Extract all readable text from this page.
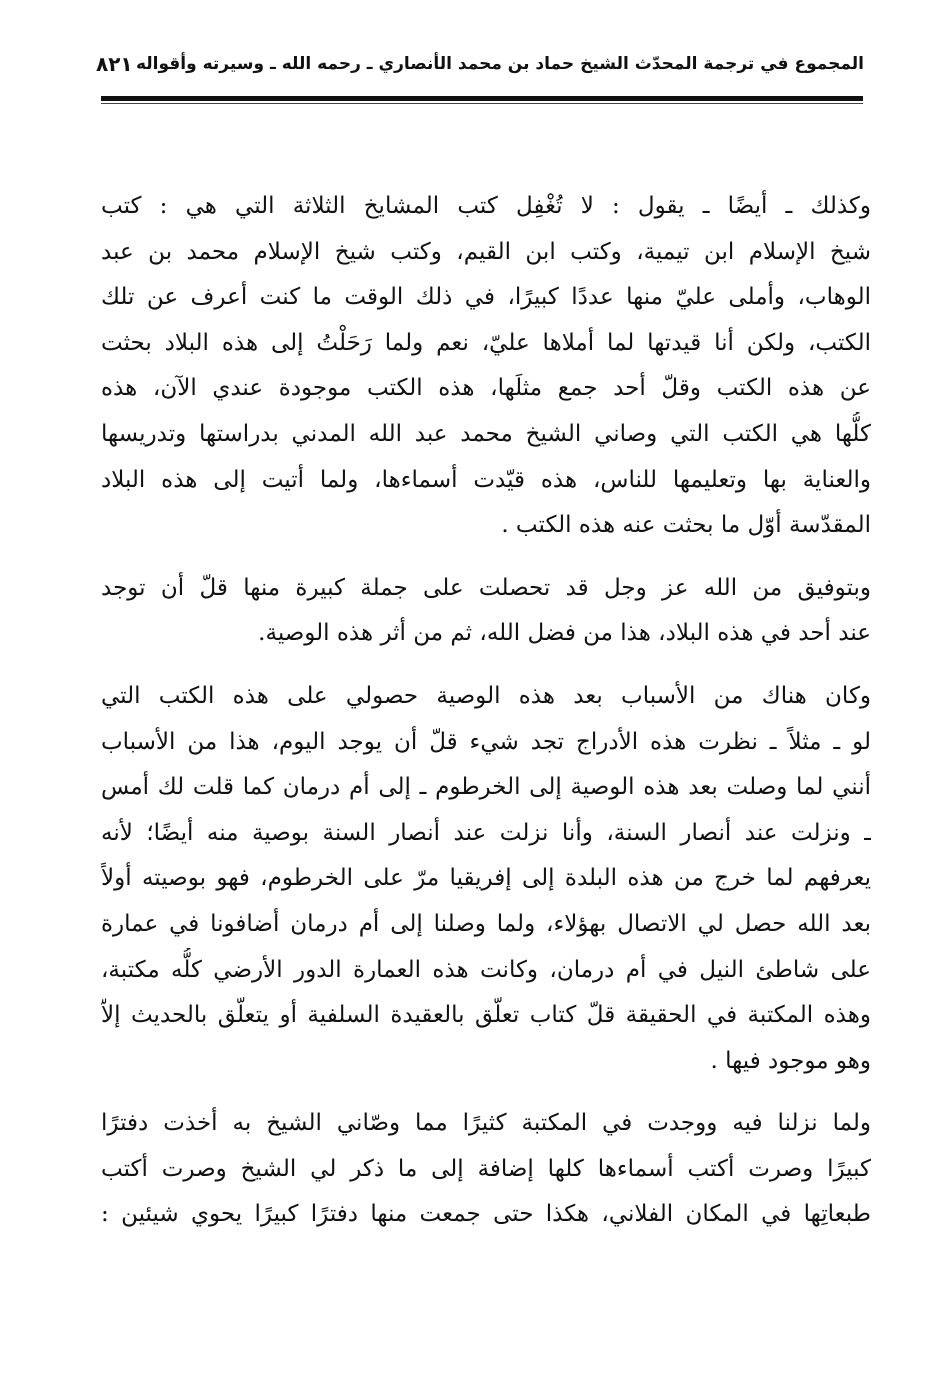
المجموع في ترجمة المحدّث الشيخ حماد بن محمد الأنصاري ـ رحمه الله ـ وسيرته وأقواله
٨٢١

وكذلك ـ أيضًا ـ يقول : لا تُغْفِل كتب المشايخ الثلاثة التي هي : كتب
شيخ الإسلام ابن تيمية، وكتب ابن القيم، وكتب شيخ الإسلام محمد بن عبد
الوهاب، وأملى عليّ منها عددًا كبيرًا، في ذلك الوقت ما كنت أعرف عن تلك
الكتب، ولكن أنا قيدتها لما أملاها عليّ، نعم ولما رَحَلْتُ إلى هذه البلاد بحثت
عن هذه الكتب وقلّ أحد جمع مثلَها، هذه الكتب موجودة عندي الآن، هذه
كلُّها هي الكتب التي وصاني الشيخ محمد عبد الله المدني بدراستها وتدريسها
والعناية بها وتعليمها للناس، هذه قيّدت أسماءها، ولما أتيت إلى هذه البلاد
المقدّسة أوّل ما بحثت عنه هذه الكتب .

وبتوفيق من الله عز وجل قد تحصلت على جملة كبيرة منها قلّ أن توجد
عند أحد في هذه البلاد، هذا من فضل الله، ثم من أثر هذه الوصية.

وكان هناك من الأسباب بعد هذه الوصية حصولي على هذه الكتب التي
لو ـ مثلاً ـ نظرت هذه الأدراج تجد شيء قلّ أن يوجد اليوم، هذا من الأسباب
أنني لما وصلت بعد هذه الوصية إلى الخرطوم ـ إلى أم درمان كما قلت لك أمس
ـ ونزلت عند أنصار السنة، وأنا نزلت عند أنصار السنة بوصية منه أيضًا؛ لأنه
يعرفهم لما خرج من هذه البلدة إلى إفريقيا مرّ على الخرطوم، فهو بوصيته أولاً
بعد الله حصل لي الاتصال بهؤلاء، ولما وصلنا إلى أم درمان أضافونا في عمارة
على شاطئ النيل في أم درمان، وكانت هذه العمارة الدور الأرضي كلُّه مكتبة،
وهذه المكتبة في الحقيقة قلّ كتاب تعلّق بالعقيدة السلفية أو يتعلّق بالحديث إلاّ
وهو موجود فيها .

ولما نزلنا فيه ووجدت في المكتبة كثيرًا مما وصّاني الشيخ به أخذت دفترًا
كبيرًا وصرت أكتب أسماءها كلها إضافة إلى ما ذكر لي الشيخ وصرت أكتب
طبعاتِها في المكان الفلاني، هكذا حتى جمعت منها دفترًا كبيرًا يحوي شيئين :
